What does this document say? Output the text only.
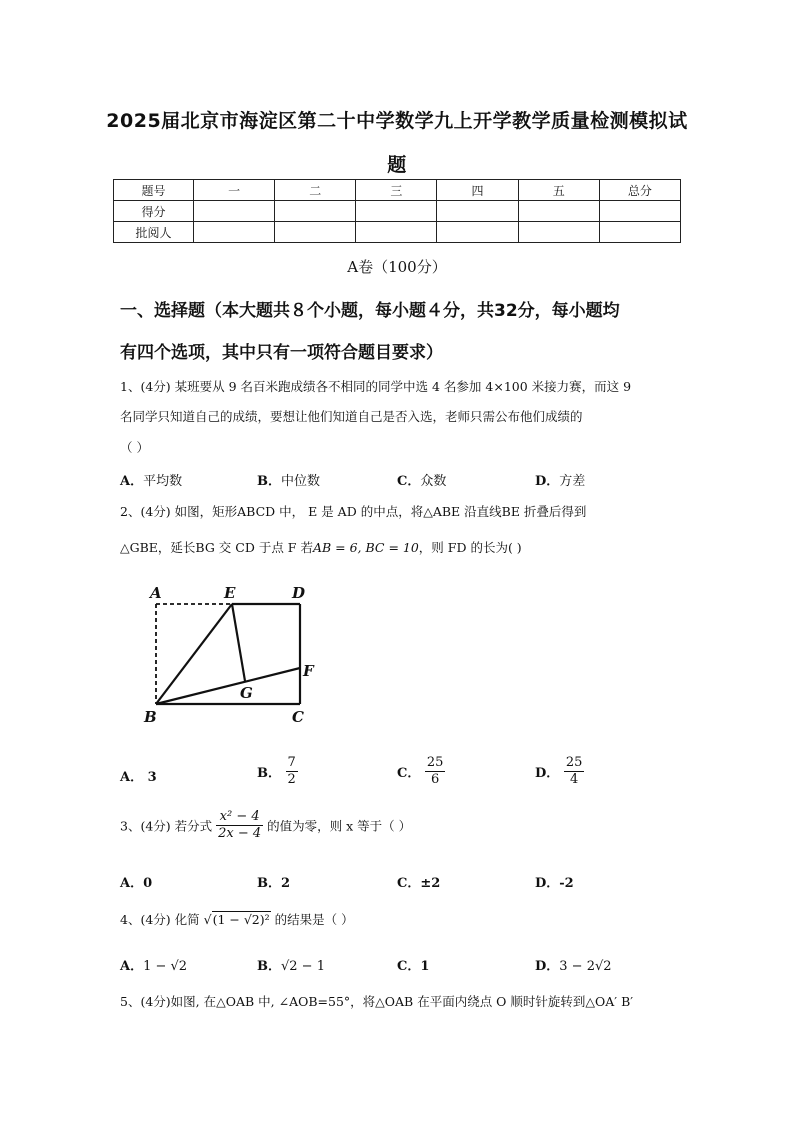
2025届北京市海淀区第二十中学数学九上开学教学质量检测模拟试
题
题号	一	二	三	四	五	总分
得分						
批阅人						
A卷（100分）
一、选择题（本大题共８个小题，每小题４分，共32分，每小题均
有四个选项，其中只有一项符合题目要求）
1、(4分) 某班要从 9 名百米跑成绩各不相同的同学中选 4 名参加 4×100 米接力赛，而这 9
名同学只知道自己的成绩，要想让他们知道自己是否入选，老师只需公布他们成绩的
（ ）
A．平均数	B．中位数	C．众数	D．方差
2、(4分) 如图，矩形ABCD 中， E 是 AD 的中点，将△ABE 沿直线BE 折叠后得到
△GBE，延长BG 交 CD 于点 F 若AB = 6, BC = 10，则 FD 的长为( )
A	E	D
F
G
B	C
A． 3	B． $\frac{7}{2}$	C． $\frac{25}{6}$	D． $\frac{25}{4}$
3、(4分) 若分式 $\frac{\text{x² − 4}}{2x - 4}$ 的值为零，则 x 等于（ ）
A．0	B．2	C．±2	D．-2
4、(4分) 化简 √(1 − √2)² 的结果是（ ）
A．1 − √2	B．√2 − 1	C．1	D．3 − 2√2
5、(4分)如图, 在△OAB 中, ∠AOB=55°，将△OAB 在平面内绕点 O 顺时针旋转到△OA′ B′
